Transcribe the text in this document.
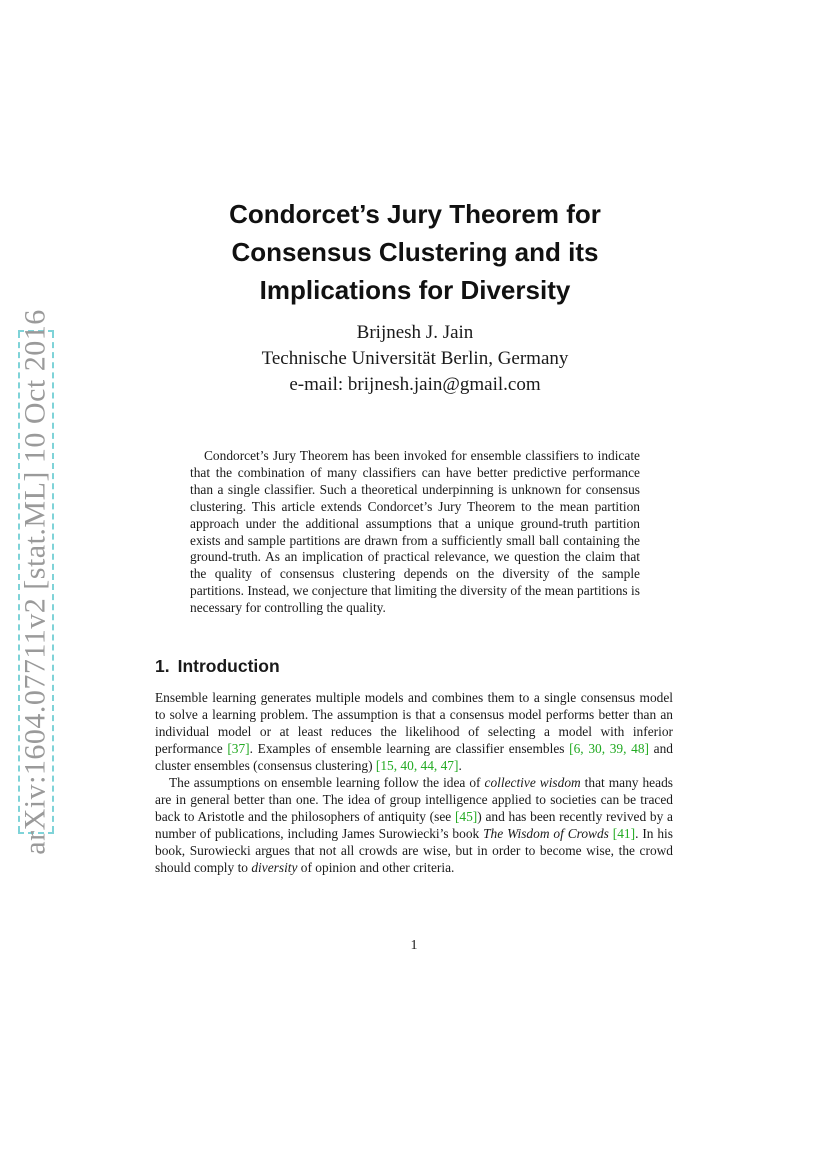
arXiv:1604.07711v2 [stat.ML] 10 Oct 2016
Condorcet’s Jury Theorem for
Consensus Clustering and its
Implications for Diversity
Brijnesh J. Jain
Technische Universität Berlin, Germany
e-mail: brijnesh.jain@gmail.com

Condorcet’s Jury Theorem has been invoked for ensemble classifiers to indicate that the combination of many classifiers can have better predictive performance than a single classifier. Such a theoretical underpinning is unknown for consensus clustering. This article extends Condorcet’s Jury Theorem to the mean partition approach under the additional assumptions that a unique ground-truth partition exists and sample partitions are drawn from a sufficiently small ball containing the ground-truth. As an implication of practical relevance, we question the claim that the quality of consensus clustering depends on the diversity of the sample partitions. Instead, we conjecture that limiting the diversity of the mean partitions is necessary for controlling the quality.

1. Introduction

Ensemble learning generates multiple models and combines them to a single consensus model to solve a learning problem. The assumption is that a consensus model performs better than an individual model or at least reduces the likelihood of selecting a model with inferior performance [37]. Examples of ensemble learning are classifier ensembles [6, 30, 39, 48] and cluster ensembles (consensus clustering) [15, 40, 44, 47].

The assumptions on ensemble learning follow the idea of collective wisdom that many heads are in general better than one. The idea of group intelligence applied to societies can be traced back to Aristotle and the philosophers of antiquity (see [45]) and has been recently revived by a number of publications, including James Surowiecki’s book The Wisdom of Crowds [41]. In his book, Surowiecki argues that not all crowds are wise, but in order to become wise, the crowd should comply to diversity of opinion and other criteria.

1
